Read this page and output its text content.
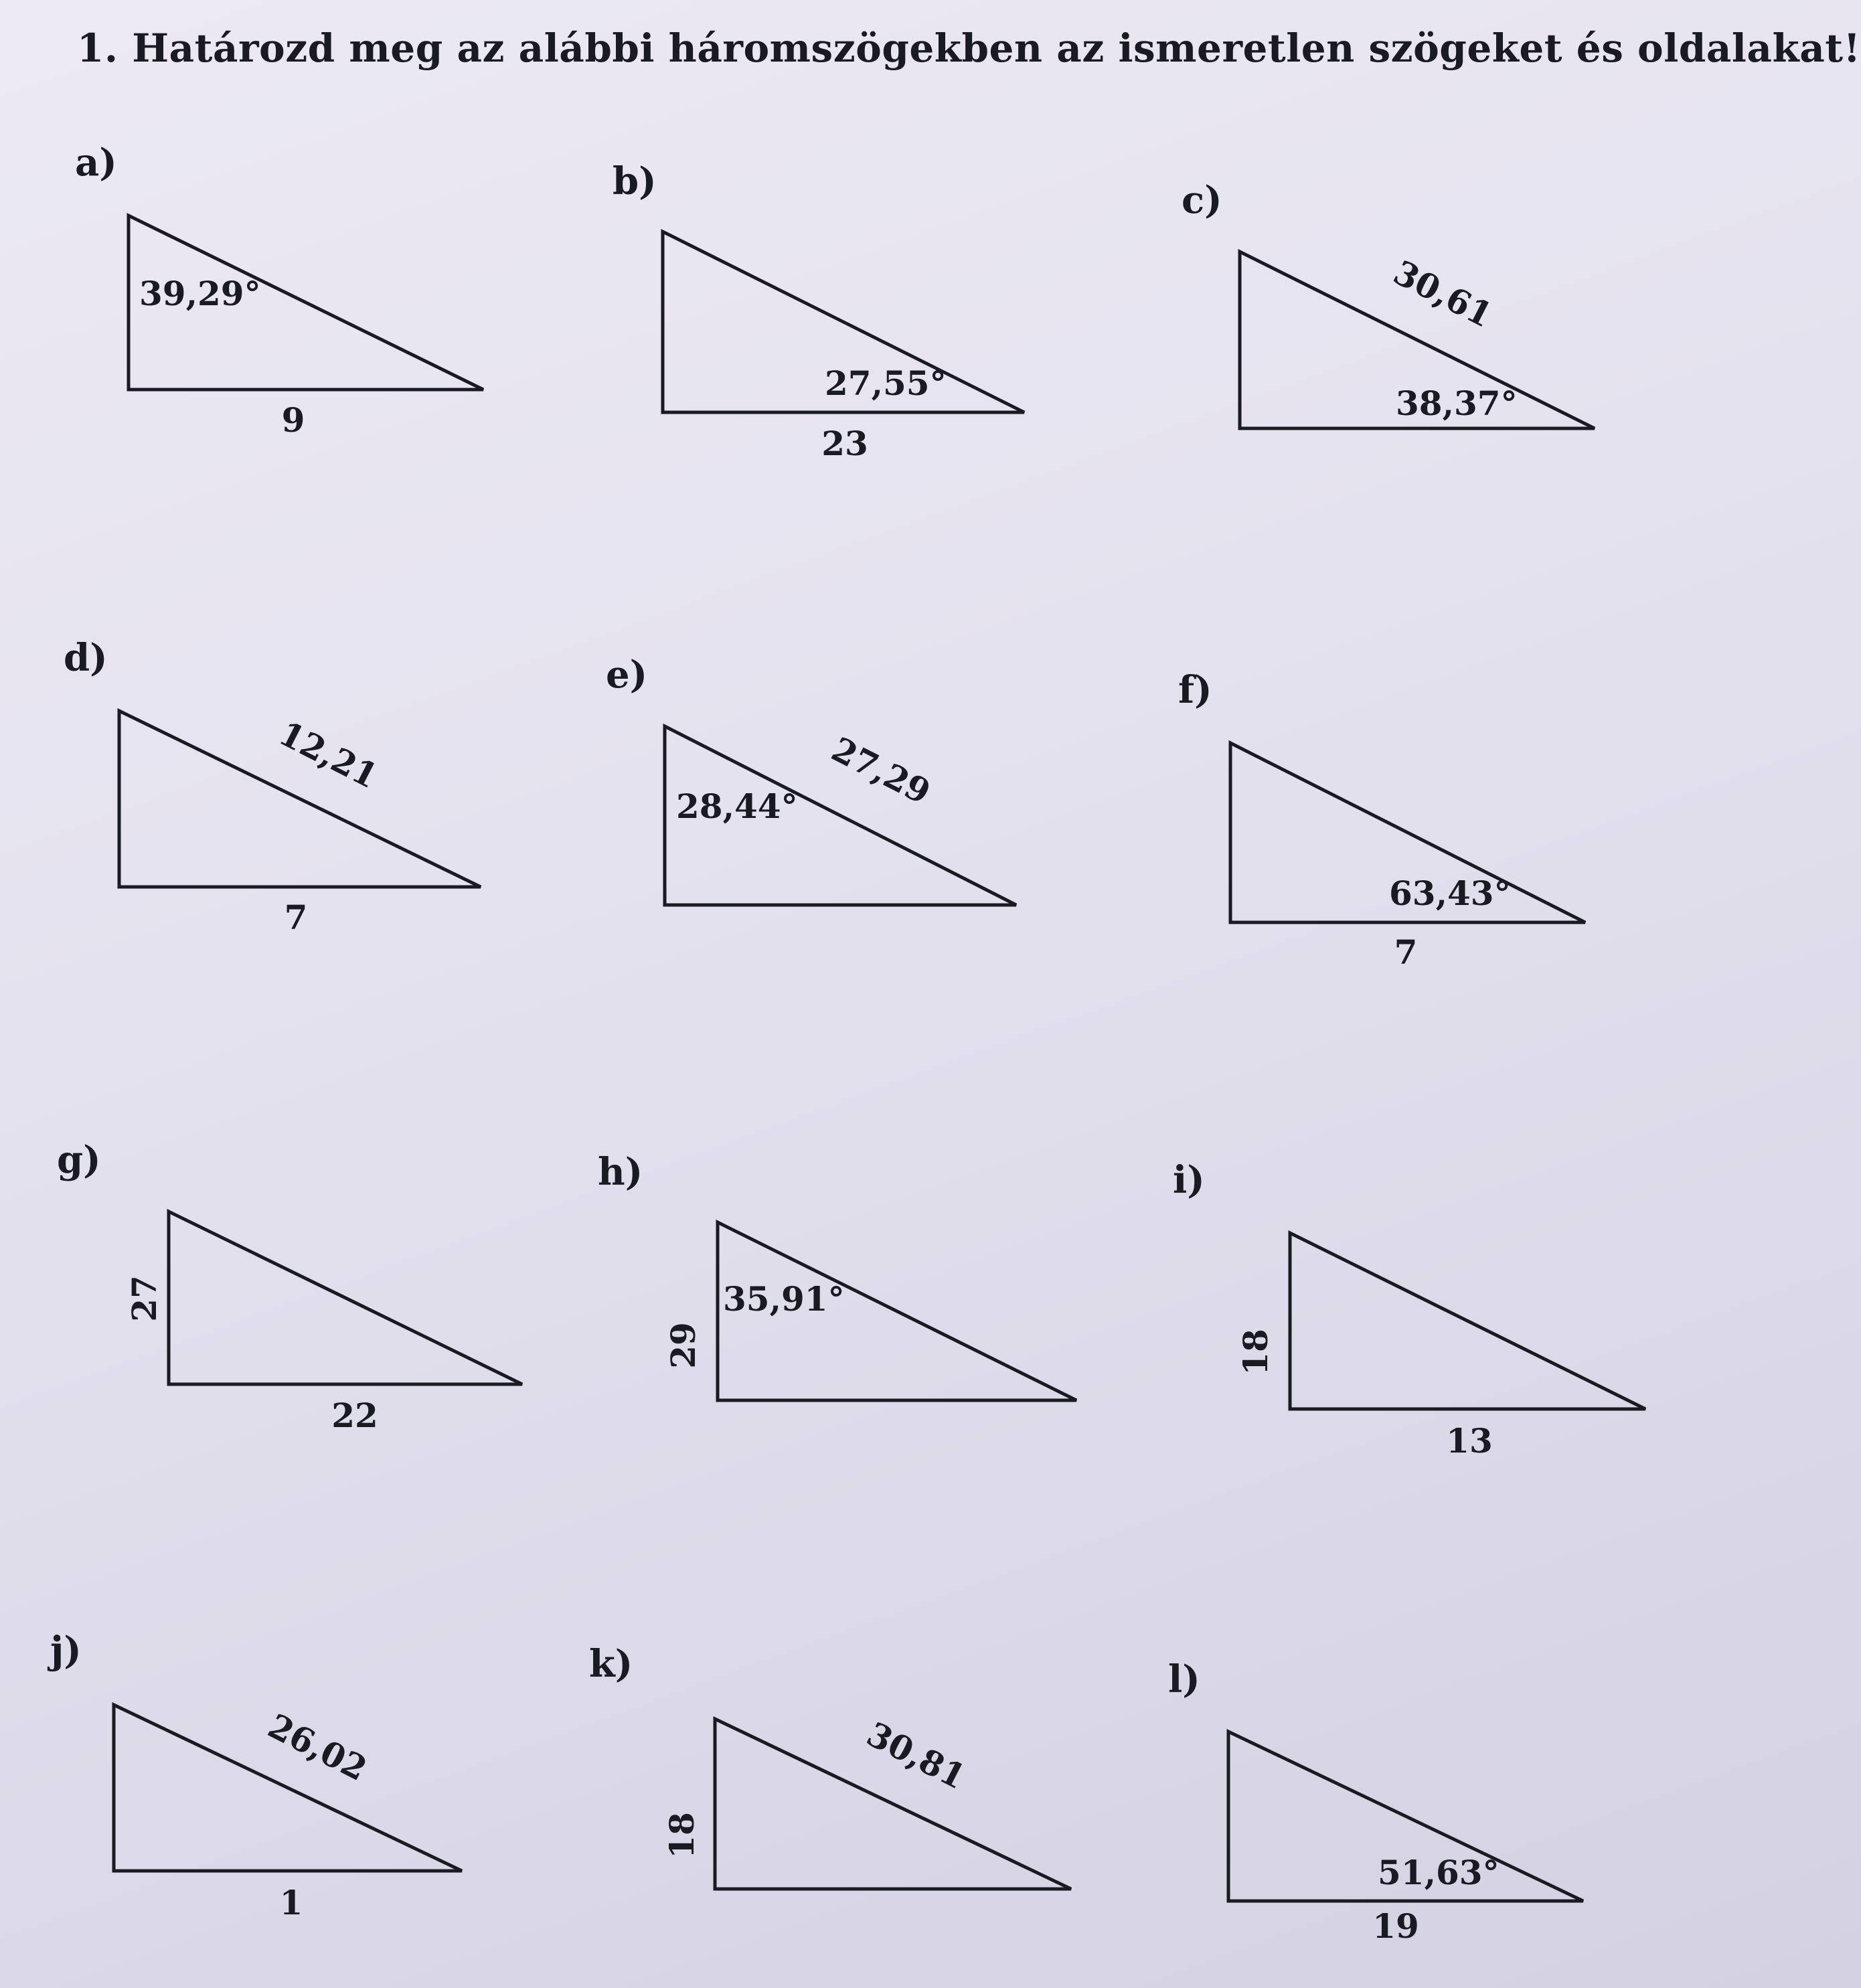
1. Határozd meg az alábbi háromszögekben az ismeretlen szögeket és oldalakat!
a)
39,29°
9
b)
27,55°
23
c)
30,61
38,37°
d)
12,21
7
e)
28,44° 27,29
f)
63,43°
7
g)
27
22
h)
35,91°
29
i)
18
13
j)
26,02
1
k)
30,81
18
l)
51,63°
19
